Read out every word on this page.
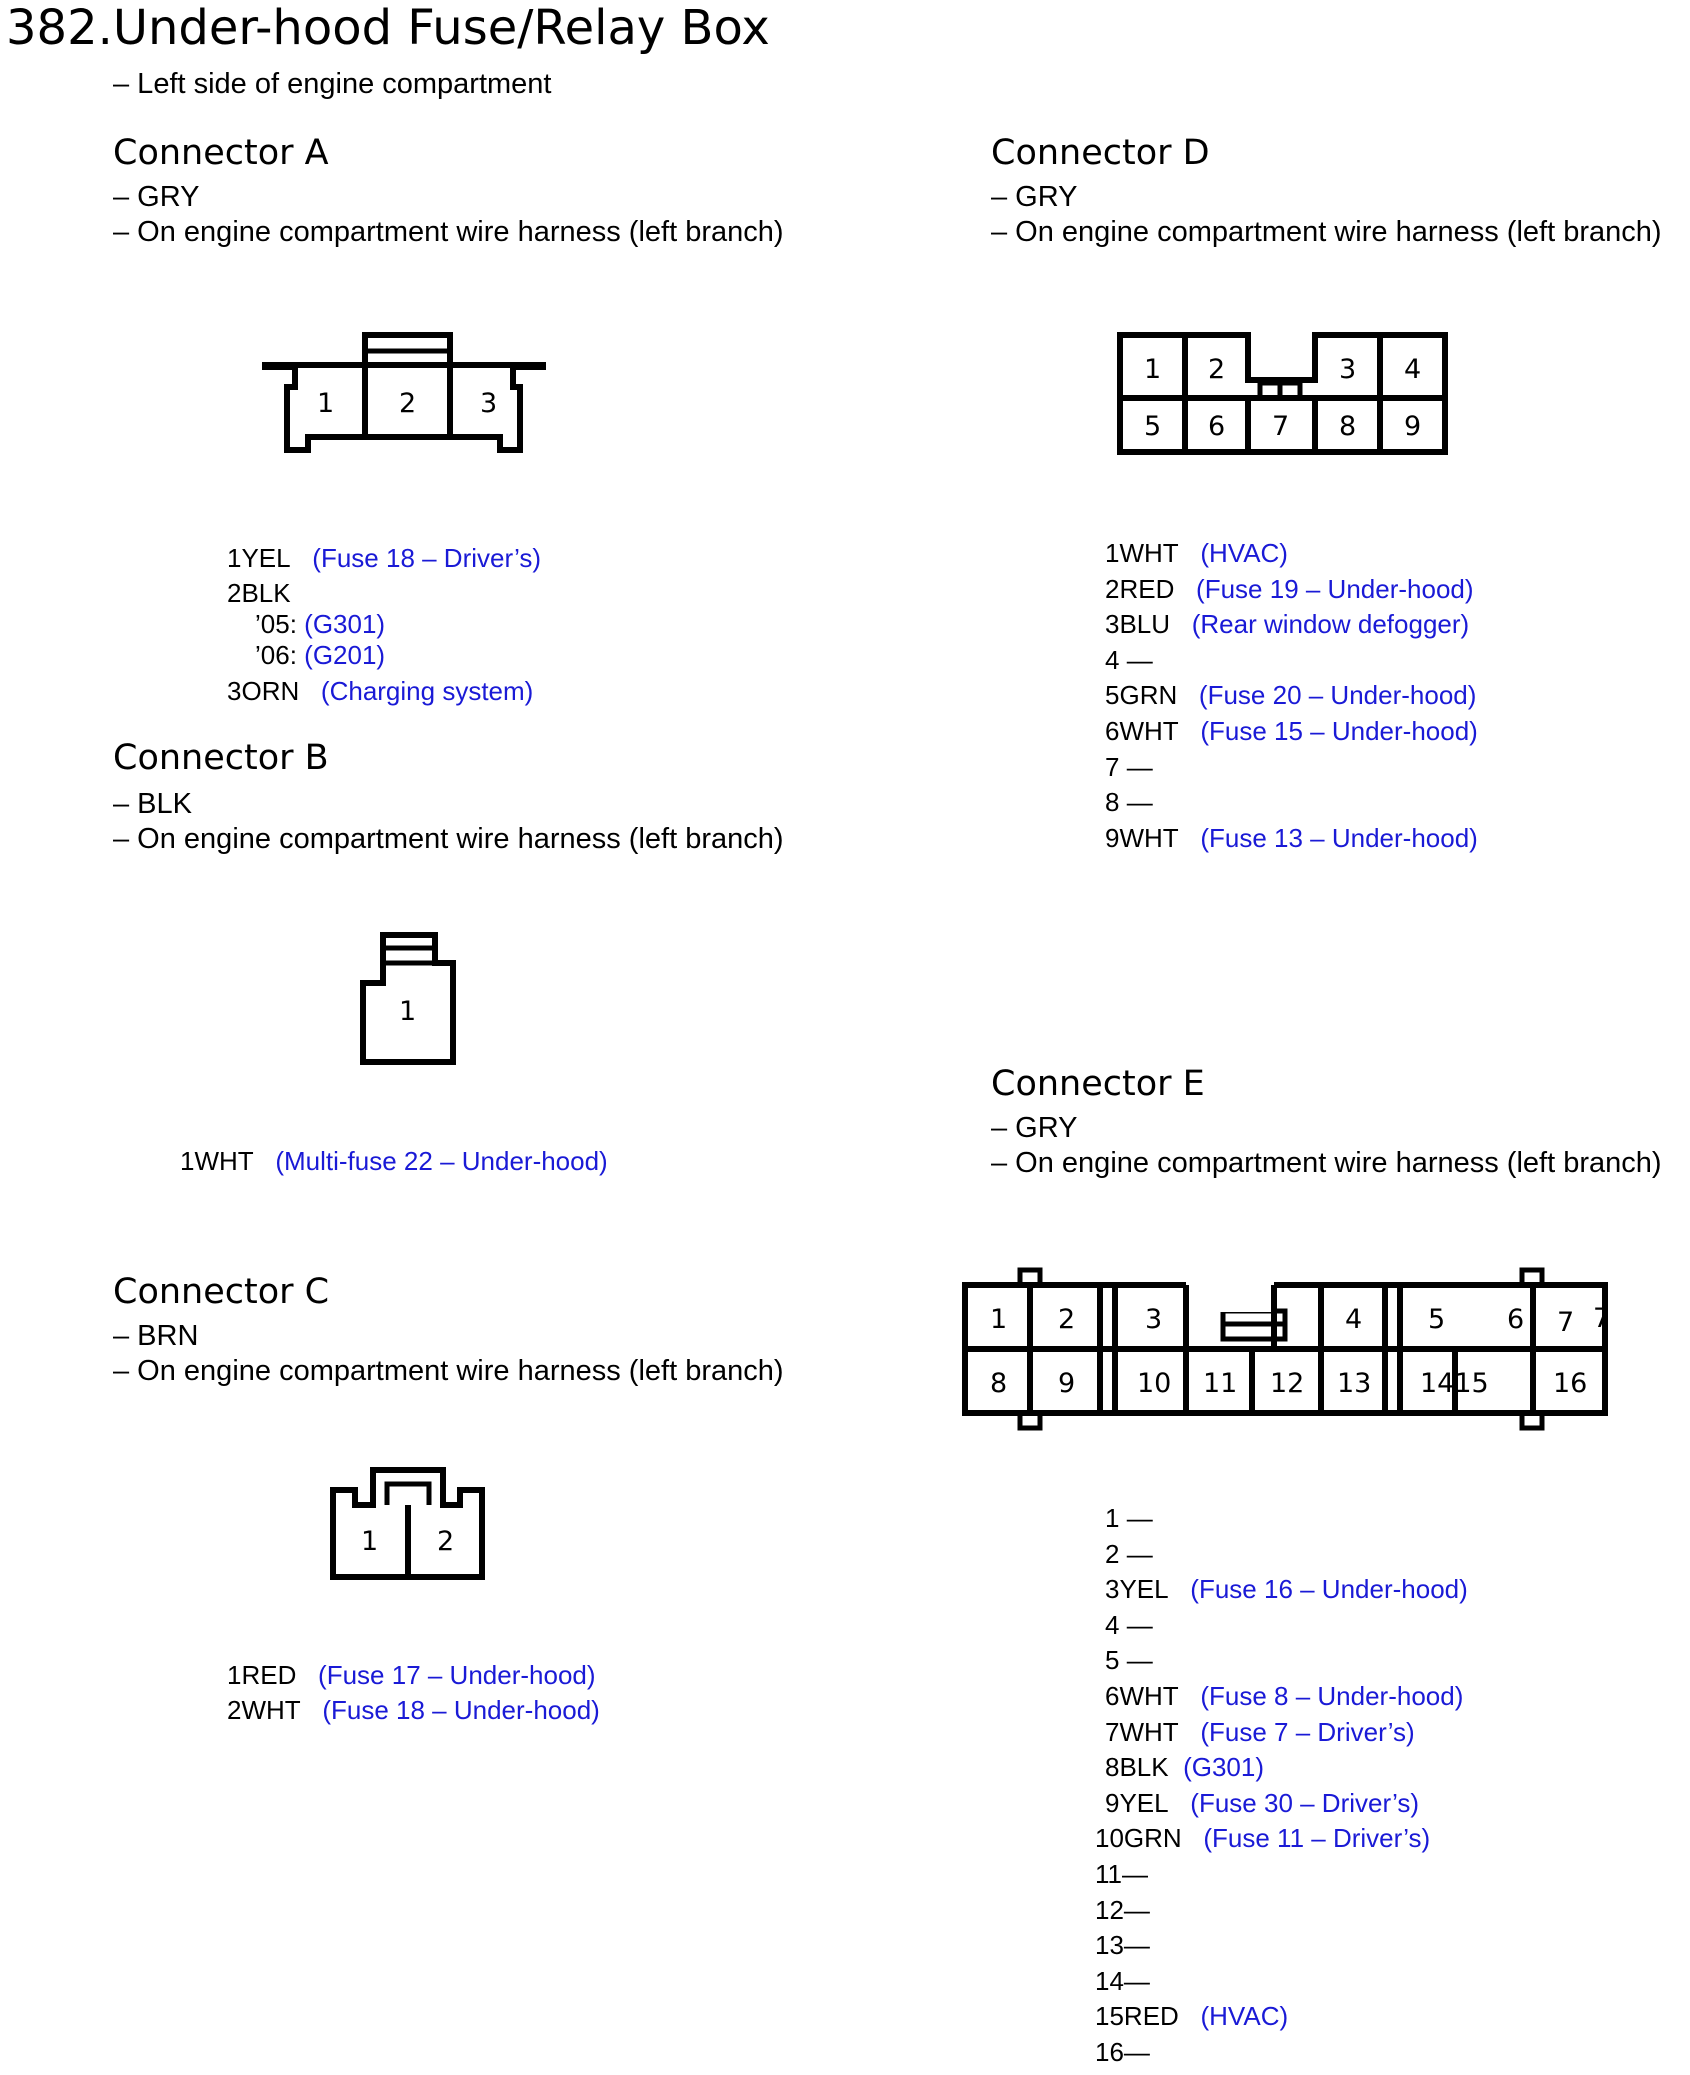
382.Under-hood Fuse/Relay Box
– Left side of engine compartment
Connector A
– GRY
– On engine compartment wire harness (left branch)
1 2 3
1YEL (Fuse 18 – Driver’s)
2BLK
’05: (G301)
’06: (G201)
3ORN (Charging system)
Connector B
– BLK
– On engine compartment wire harness (left branch)
1
1WHT (Multi-fuse 22 – Under-hood)
Connector C
– BRN
– On engine compartment wire harness (left branch)
1 2
1RED (Fuse 17 – Under-hood)
2WHT (Fuse 18 – Under-hood)
Connector D
– GRY
– On engine compartment wire harness (left branch)
1 2	3 4
5 6 7 8 9
1WHT (HVAC)
2RED (Fuse 19 – Under-hood)
3BLU (Rear window defogger)
4 —
5GRN (Fuse 20 – Under-hood)
6WHT (Fuse 15 – Under-hood)
7 —
8 —
9WHT (Fuse 13 – Under-hood)
Connector E
– GRY
– On engine compartment wire harness (left branch)
1 2	3	4 5 6 7 7
8 9 10 11 12 13 1415 16
1 —
2 —
3YEL (Fuse 16 – Under-hood)
4 —
5 —
6WHT (Fuse 8 – Under-hood)
7WHT (Fuse 7 – Driver’s)
8BLK (G301)
9YEL (Fuse 30 – Driver’s)
10GRN (Fuse 11 – Driver’s)
11—
12—
13—
14—
15RED (HVAC)
16—
